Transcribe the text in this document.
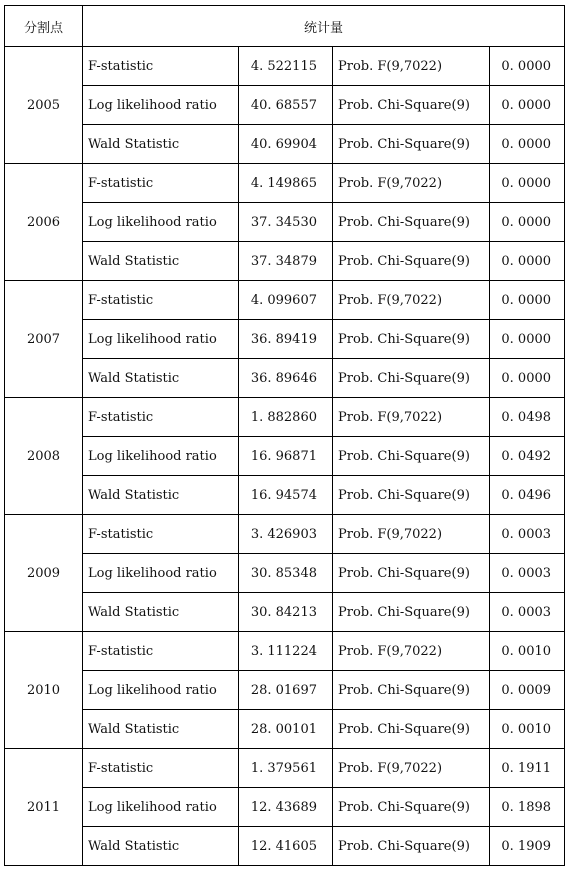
分割点	统计量			
2005	F-statistic	4. 522115	Prob. F(9,7022)	0. 0000
	Log likelihood ratio	40. 68557	Prob. Chi-Square(9)	0. 0000
	Wald Statistic	40. 69904	Prob. Chi-Square(9)	0. 0000
2006	F-statistic	4. 149865	Prob. F(9,7022)	0. 0000
	Log likelihood ratio	37. 34530	Prob. Chi-Square(9)	0. 0000
	Wald Statistic	37. 34879	Prob. Chi-Square(9)	0. 0000
2007	F-statistic	4. 099607	Prob. F(9,7022)	0. 0000
	Log likelihood ratio	36. 89419	Prob. Chi-Square(9)	0. 0000
	Wald Statistic	36. 89646	Prob. Chi-Square(9)	0. 0000
2008	F-statistic	1. 882860	Prob. F(9,7022)	0. 0498
	Log likelihood ratio	16. 96871	Prob. Chi-Square(9)	0. 0492
	Wald Statistic	16. 94574	Prob. Chi-Square(9)	0. 0496
2009	F-statistic	3. 426903	Prob. F(9,7022)	0. 0003
	Log likelihood ratio	30. 85348	Prob. Chi-Square(9)	0. 0003
	Wald Statistic	30. 84213	Prob. Chi-Square(9)	0. 0003
2010	F-statistic	3. 111224	Prob. F(9,7022)	0. 0010
	Log likelihood ratio	28. 01697	Prob. Chi-Square(9)	0. 0009
	Wald Statistic	28. 00101	Prob. Chi-Square(9)	0. 0010
2011	F-statistic	1. 379561	Prob. F(9,7022)	0. 1911
	Log likelihood ratio	12. 43689	Prob. Chi-Square(9)	0. 1898
	Wald Statistic	12. 41605	Prob. Chi-Square(9)	0. 1909
